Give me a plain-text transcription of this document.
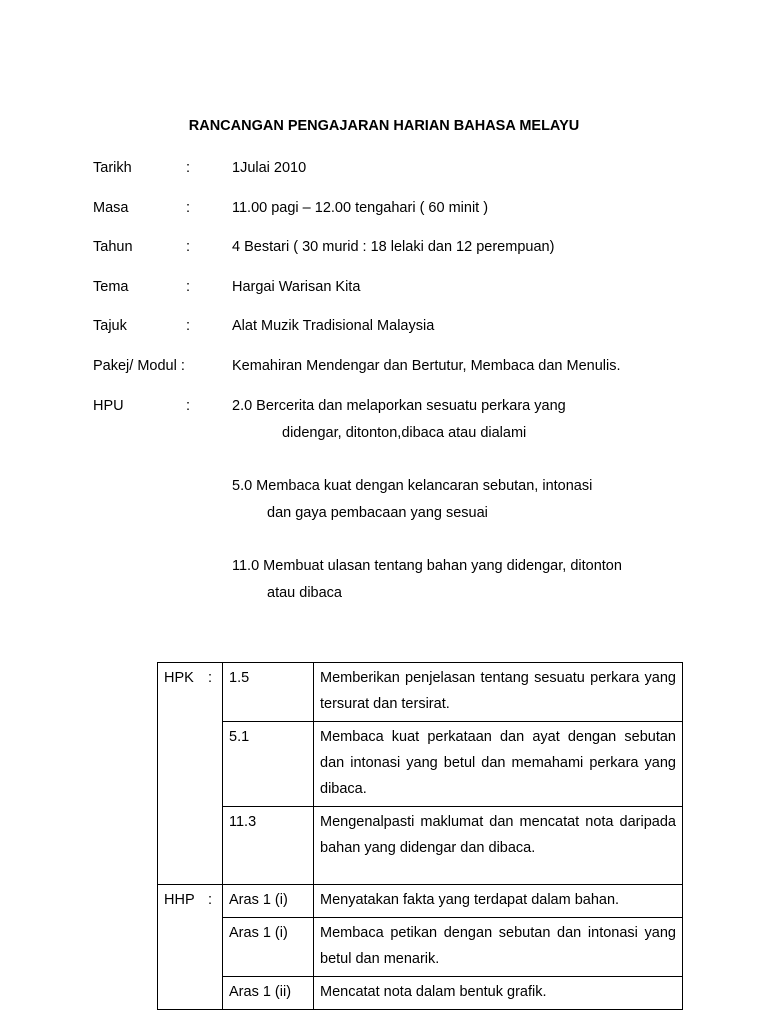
RANCANGAN PENGAJARAN HARIAN BAHASA MELAYU
Tarikh	:	1Julai 2010
Masa	:	11.00 pagi – 12.00 tengahari ( 60 minit )
Tahun	:	4 Bestari ( 30 murid : 18 lelaki dan 12 perempuan)
Tema	:	Hargai Warisan Kita
Tajuk	:	Alat Muzik Tradisional Malaysia
Pakej/ Modul :	Kemahiran Mendengar dan Bertutur, Membaca dan Menulis.
HPU	:	2.0 Bercerita dan melaporkan sesuatu perkara yang
didengar, ditonton,dibaca atau dialami
5.0 Membaca kuat dengan kelancaran sebutan, intonasi
dan gaya pembacaan yang sesuai
11.0 Membuat ulasan tentang bahan yang didengar, ditonton
atau dibaca
HPK :	1.5	Memberikan penjelasan tentang sesuatu perkara yang tersurat dan tersirat.
	5.1	Membaca kuat perkataan dan ayat dengan sebutan dan intonasi yang betul dan memahami perkara yang dibaca.
	11.3	Mengenalpasti maklumat dan mencatat nota daripada bahan yang didengar dan dibaca.
HHP :	Aras 1 (i)	Menyatakan fakta yang terdapat dalam bahan.
	Aras 1 (i)	Membaca petikan dengan sebutan dan intonasi yang betul dan menarik.
	Aras 1 (ii)	Mencatat nota dalam bentuk grafik.
